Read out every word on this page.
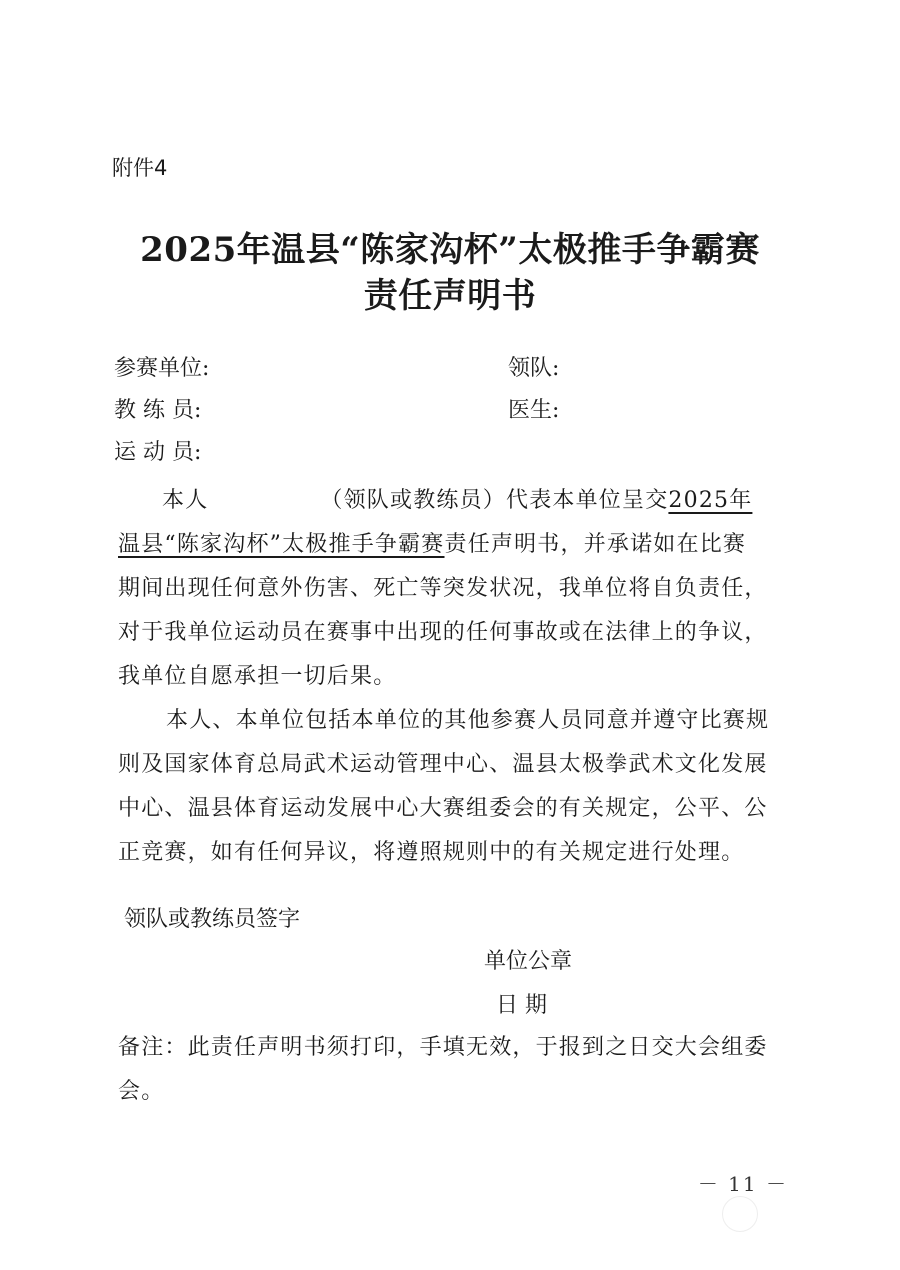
附件4
2025年温县“陈家沟杯”太极推手争霸赛
责任声明书
参赛单位:	领队:
教 练 员:	医生:
运 动 员:
本人	（领队或教练员）代表本单位呈交2025年
温县“陈家沟杯”太极推手争霸赛责任声明书，并承诺如在比赛
期间出现任何意外伤害、死亡等突发状况，我单位将自负责任，
对于我单位运动员在赛事中出现的任何事故或在法律上的争议，
我单位自愿承担一切后果。
本人、本单位包括本单位的其他参赛人员同意并遵守比赛规
则及国家体育总局武术运动管理中心、温县太极拳武术文化发展
中心、温县体育运动发展中心大赛组委会的有关规定，公平、公
正竞赛，如有任何异议，将遵照规则中的有关规定进行处理。
领队或教练员签字
单位公章
日 期
备注：此责任声明书须打印，手填无效，于报到之日交大会组委
会。
－ 11 －
